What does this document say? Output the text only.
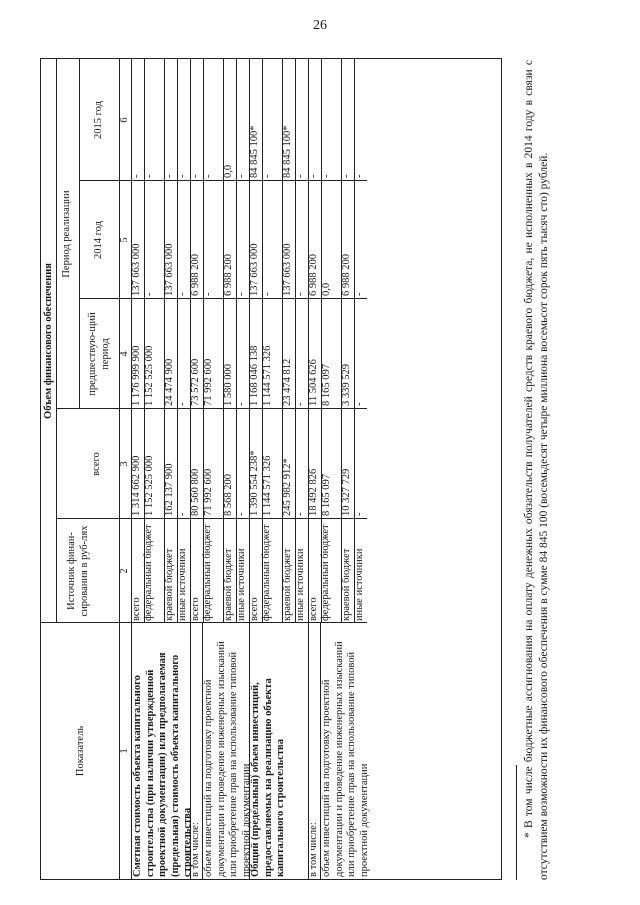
26
Показатель
Объем финансового обеспечения
Источник финан-сирования в руб-лях
всего
Период реализации
предшествую-щий период
2014 год
2015 год
1
2
3
4
5
6
Сметная стоимость объекта капитального строительства (при наличии утвержденной проектной документации) или предполагаемая (предельная) стоимость объекта капитального строительства
всего
1 314 662 900
1 176 999 900
137 663 000
-
федеральный бюджет
1 152 525 000
1 152 525 000
-
-
краевой бюджет
162 137 900
24 474 900
137 663 000
-
иные источники
-
-
-
-
в том числе: объем инвестиций на подготовку проектной документации и проведение инженерных изысканий или приобретение прав на использование типовой проектной документации
всего
80 560 800
73 572 600
6 988 200
-
федеральный бюджет
71 992 600
71 992 600
-
-
краевой бюджет
8 568 200
1 580 000
6 988 200
0,0
иные источники
-
-
-
-
Общий (предельный) объем инвестиций, предоставляемых на реализацию объекта капитального строительства
всего
1 390 554 238*
1 168 046 138
137 663 000
84 845 100*
федеральный бюджет
1 144 571 326
1 144 571 326
-
-
краевой бюджет
245 982 912*
23 474 812
137 663 000
84 845 100*
иные источники
-
-
-
-
в том числе: объем инвестиций на подготовку проектной документации и проведение инженерных изысканий или приобретение прав на использование типовой проектной документации
всего
18 492 826
11 504 626
6 988 200
-
федеральный бюджет
8 165 097
8 165 097
0,0
-
краевой бюджет
10 327 729
3 339 529
6 988 200
-
иные источники
-
-
-
-	* В том числе бюджетные ассигнования на оплату денежных обязательств получателей средств краевого бюджета, не исполненных в 2014 году в связи с отсутствием возможности их финансового обеспечения в сумме 84 845 100 (восемьдесят четыре миллиона восемьсот сорок пять тысяч сто) рублей.
